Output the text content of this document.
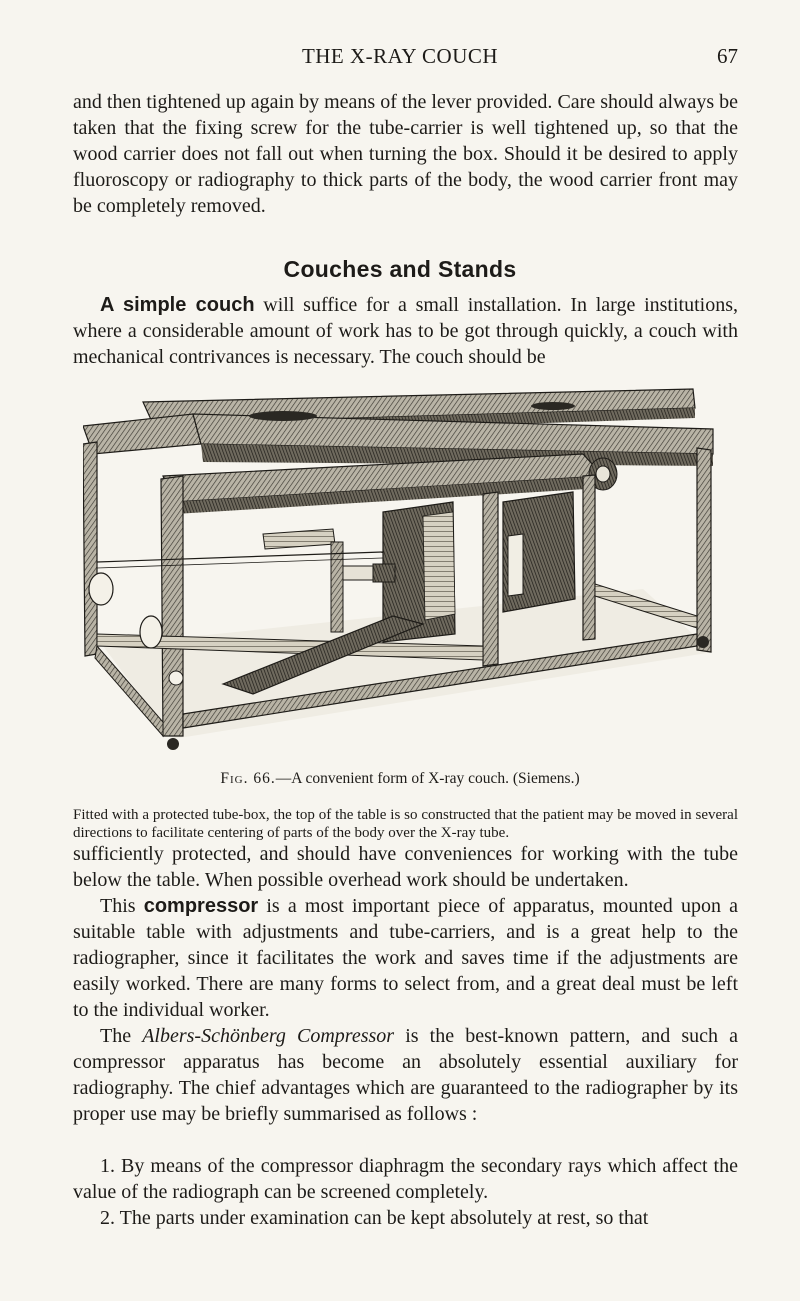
THE X-RAY COUCH	67

and then tightened up again by means of the lever provided. Care should always be taken that the fixing screw for the tube-carrier is well tightened up, so that the wood carrier does not fall out when turning the box. Should it be desired to apply fluoroscopy or radiography to thick parts of the body, the wood carrier front may be completely removed.

Couches and Stands

A simple couch will suffice for a small installation. In large institutions, where a considerable amount of work has to be got through quickly, a couch with mechanical contrivances is necessary. The couch should be

Fig. 66.—A convenient form of X-ray couch. (Siemens.)

Fitted with a protected tube-box, the top of the table is so constructed that the patient may be moved in several directions to facilitate centering of parts of the body over the X-ray tube.

sufficiently protected, and should have conveniences for working with the tube below the table. When possible overhead work should be undertaken.

This compressor is a most important piece of apparatus, mounted upon a suitable table with adjustments and tube-carriers, and is a great help to the radiographer, since it facilitates the work and saves time if the adjustments are easily worked. There are many forms to select from, and a great deal must be left to the individual worker.

The Albers-Schönberg Compressor is the best-known pattern, and such a compressor apparatus has become an absolutely essential auxiliary for radiography. The chief advantages which are guaranteed to the radiographer by its proper use may be briefly summarised as follows :

1. By means of the compressor diaphragm the secondary rays which affect the value of the radiograph can be screened completely.

2. The parts under examination can be kept absolutely at rest, so that
